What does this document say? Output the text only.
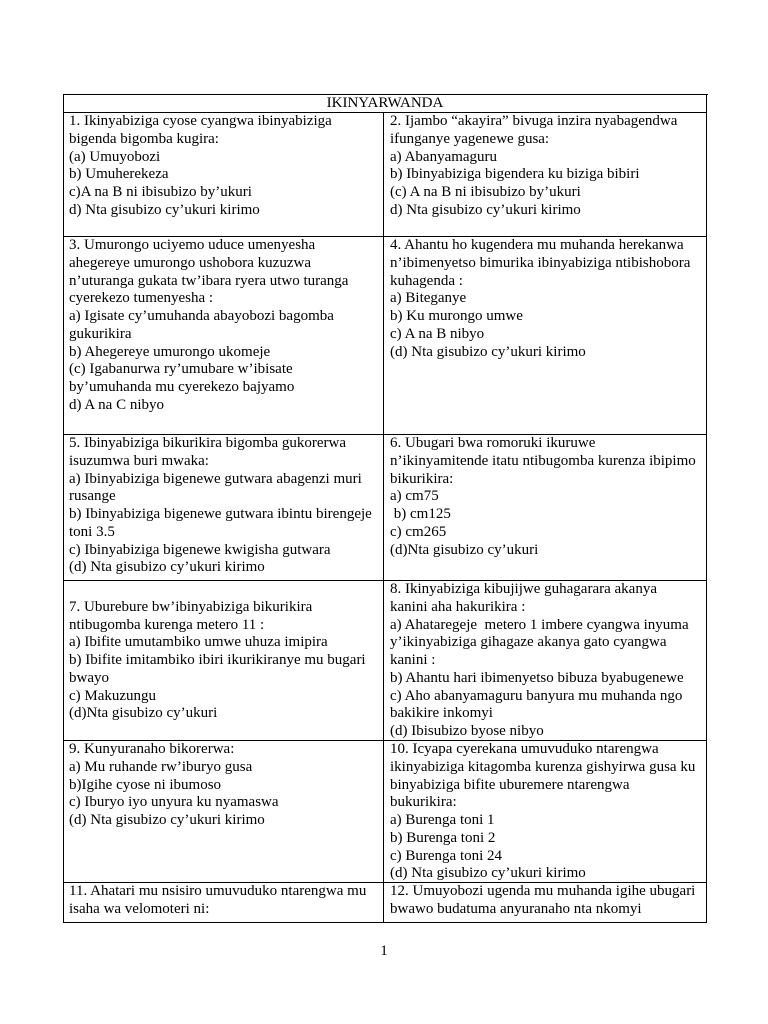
IKINYARWANDA
1. Ikinyabiziga cyose cyangwa ibinyabiziga
bigenda bigomba kugira:
(a) Umuyobozi
b) Umuherekeza
c)A na B ni ibisubizo by’ukuri
d) Nta gisubizo cy’ukuri kirimo
2. Ijambo “akayira” bivuga inzira nyabagendwa
ifunganye yagenewe gusa:
a) Abanyamaguru
b) Ibinyabiziga bigendera ku biziga bibiri
(c) A na B ni ibisubizo by’ukuri
d) Nta gisubizo cy’ukuri kirimo
3. Umurongo uciyemo uduce umenyesha
ahegereye umurongo ushobora kuzuzwa
n’uturanga gukata tw’ibara ryera utwo turanga
cyerekezo tumenyesha :
a) Igisate cy’umuhanda abayobozi bagomba
gukurikira
b) Ahegereye umurongo ukomeje
(c) Igabanurwa ry’umubare w’ibisate
by’umuhanda mu cyerekezo bajyamo
d) A na C nibyo
4. Ahantu ho kugendera mu muhanda herekanwa
n’ibimenyetso bimurika ibinyabiziga ntibishobora
kuhagenda :
a) Biteganye
b) Ku murongo umwe
c) A na B nibyo
(d) Nta gisubizo cy’ukuri kirimo
5. Ibinyabiziga bikurikira bigomba gukorerwa
isuzumwa buri mwaka:
a) Ibinyabiziga bigenewe gutwara abagenzi muri
rusange
b) Ibinyabiziga bigenewe gutwara ibintu birengeje
toni 3.5
c) Ibinyabiziga bigenewe kwigisha gutwara
(d) Nta gisubizo cy’ukuri kirimo
6. Ubugari bwa romoruki ikuruwe
n’ikinyamitende itatu ntibugomba kurenza ibipimo
bikurikira:
a) cm75
b) cm125
c) cm265
(d)Nta gisubizo cy’ukuri
7. Uburebure bw’ibinyabiziga bikurikira
ntibugomba kurenga metero 11 :
a) Ibifite umutambiko umwe uhuza imipira
b) Ibifite imitambiko ibiri ikurikiranye mu bugari
bwayo
c) Makuzungu
(d)Nta gisubizo cy’ukuri
8. Ikinyabiziga kibujijwe guhagarara akanya
kanini aha hakurikira :
a) Ahataregeje  metero 1 imbere cyangwa inyuma
y’ikinyabiziga gihagaze akanya gato cyangwa
kanini :
b) Ahantu hari ibimenyetso bibuza byabugenewe
c) Aho abanyamaguru banyura mu muhanda ngo
bakikire inkomyi
(d) Ibisubizo byose nibyo
9. Kunyuranaho bikorerwa:
a) Mu ruhande rw’iburyo gusa
b)Igihe cyose ni ibumoso
c) Iburyo iyo unyura ku nyamaswa
(d) Nta gisubizo cy’ukuri kirimo
10. Icyapa cyerekana umuvuduko ntarengwa
ikinyabiziga kitagomba kurenza gishyirwa gusa ku
binyabiziga bifite uburemere ntarengwa
bukurikira:
a) Burenga toni 1
b) Burenga toni 2
c) Burenga toni 24
(d) Nta gisubizo cy’ukuri kirimo
11. Ahatari mu nsisiro umuvuduko ntarengwa mu
isaha wa velomoteri ni:
12. Umuyobozi ugenda mu muhanda igihe ubugari
bwawo budatuma anyuranaho nta nkomyi
1
